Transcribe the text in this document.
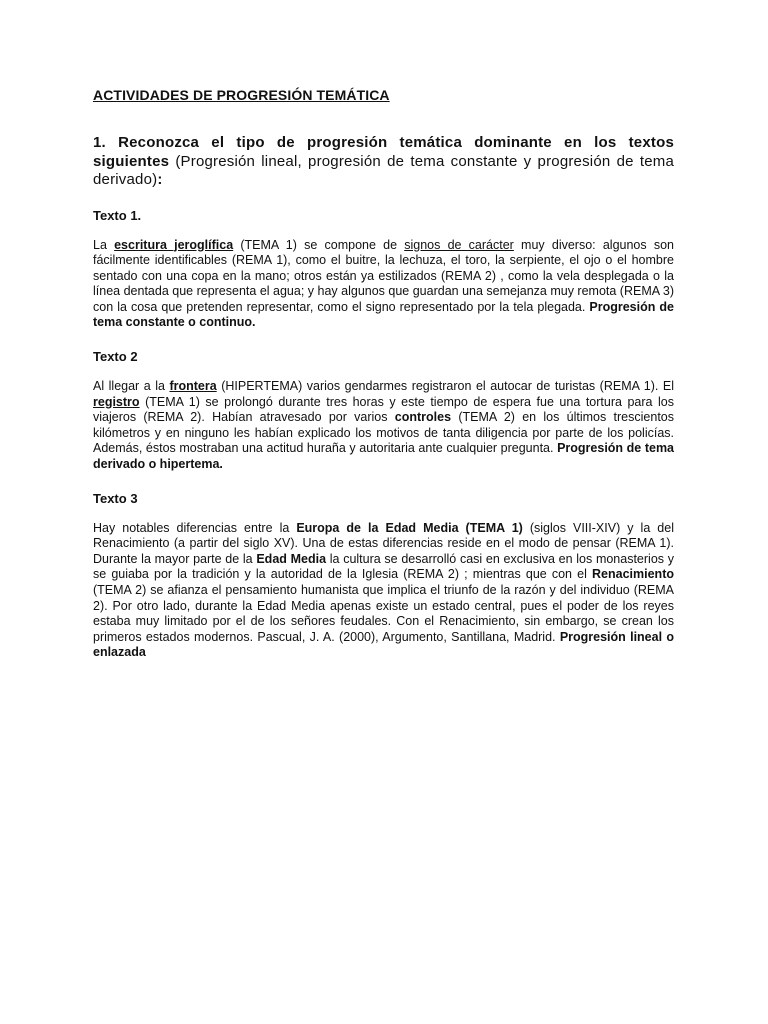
ACTIVIDADES DE PROGRESIÓN TEMÁTICA

1. Reconozca el tipo de progresión temática dominante en los textos siguientes (Progresión lineal, progresión de tema constante y progresión de tema derivado):

Texto 1.

La escritura jeroglífica (TEMA 1) se compone de signos de carácter muy diverso: algunos son fácilmente identificables (REMA 1), como el buitre, la lechuza, el toro, la serpiente, el ojo o el hombre sentado con una copa en la mano; otros están ya estilizados (REMA 2) , como la vela desplegada o la línea dentada que representa el agua; y hay algunos que guardan una semejanza muy remota (REMA 3) con la cosa que pretenden representar, como el signo representado por la tela plegada. Progresión de tema constante o continuo.

Texto 2

Al llegar a la frontera (HIPERTEMA) varios gendarmes registraron el autocar de turistas (REMA 1). El registro (TEMA 1) se prolongó durante tres horas y este tiempo de espera fue una tortura para los viajeros (REMA 2). Habían atravesado por varios controles (TEMA 2) en los últimos trescientos kilómetros y en ninguno les habían explicado los motivos de tanta diligencia por parte de los policías. Además, éstos mostraban una actitud huraña y autoritaria ante cualquier pregunta. Progresión de tema derivado o hipertema.

Texto 3

Hay notables diferencias entre la Europa de la Edad Media (TEMA 1) (siglos VIII-XIV) y la del Renacimiento (a partir del siglo XV). Una de estas diferencias reside en el modo de pensar (REMA 1). Durante la mayor parte de la Edad Media la cultura se desarrolló casi en exclusiva en los monasterios y se guiaba por la tradición y la autoridad de la Iglesia (REMA 2) ; mientras que con el Renacimiento (TEMA 2) se afianza el pensamiento humanista que implica el triunfo de la razón y del individuo (REMA 2). Por otro lado, durante la Edad Media apenas existe un estado central, pues el poder de los reyes estaba muy limitado por el de los señores feudales. Con el Renacimiento, sin embargo, se crean los primeros estados modernos. Pascual, J. A. (2000), Argumento, Santillana, Madrid. Progresión lineal o enlazada
